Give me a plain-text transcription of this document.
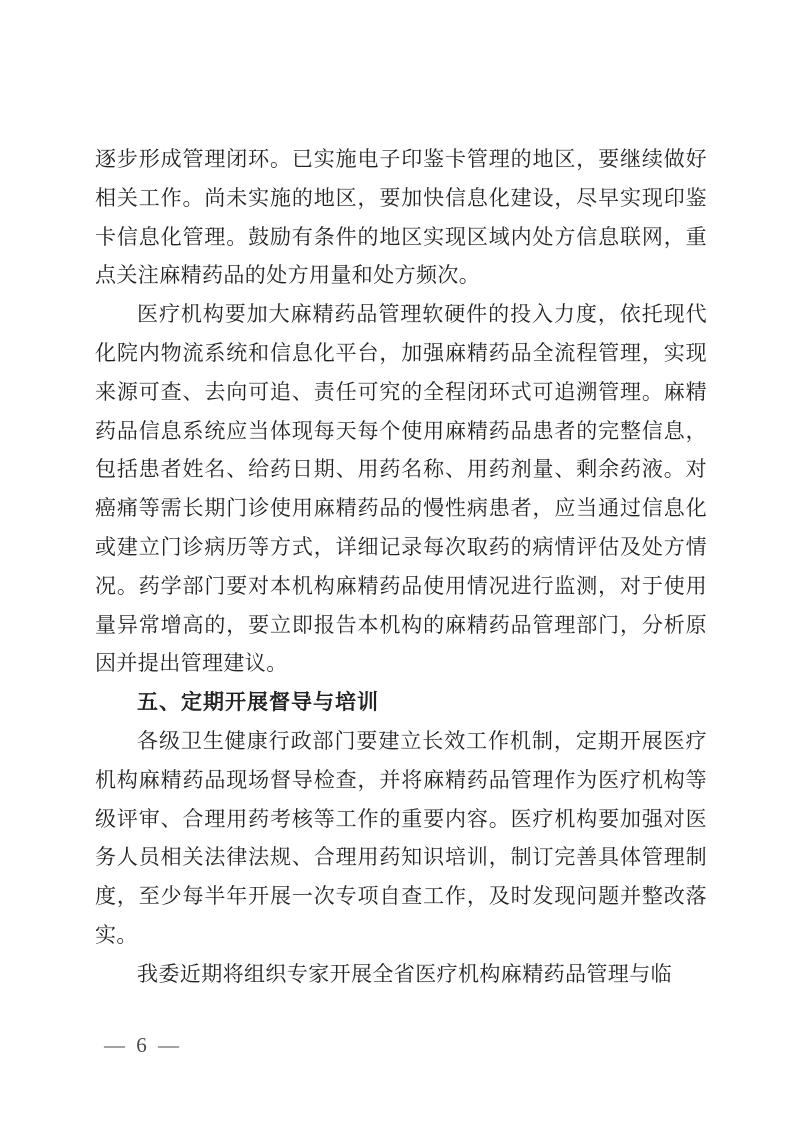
逐步形成管理闭环。已实施电子印鉴卡管理的地区，要继续做好
相关工作。尚未实施的地区，要加快信息化建设，尽早实现印鉴
卡信息化管理。鼓励有条件的地区实现区域内处方信息联网，重
点关注麻精药品的处方用量和处方频次。
医疗机构要加大麻精药品管理软硬件的投入力度，依托现代
化院内物流系统和信息化平台，加强麻精药品全流程管理，实现
来源可查、去向可追、责任可究的全程闭环式可追溯管理。麻精
药品信息系统应当体现每天每个使用麻精药品患者的完整信息，
包括患者姓名、给药日期、用药名称、用药剂量、剩余药液。对
癌痛等需长期门诊使用麻精药品的慢性病患者，应当通过信息化
或建立门诊病历等方式，详细记录每次取药的病情评估及处方情
况。药学部门要对本机构麻精药品使用情况进行监测，对于使用
量异常增高的，要立即报告本机构的麻精药品管理部门，分析原
因并提出管理建议。
五、定期开展督导与培训
各级卫生健康行政部门要建立长效工作机制，定期开展医疗
机构麻精药品现场督导检查，并将麻精药品管理作为医疗机构等
级评审、合理用药考核等工作的重要内容。医疗机构要加强对医
务人员相关法律法规、合理用药知识培训，制订完善具体管理制
度，至少每半年开展一次专项自查工作，及时发现问题并整改落
实。
我委近期将组织专家开展全省医疗机构麻精药品管理与临
— 6 —
